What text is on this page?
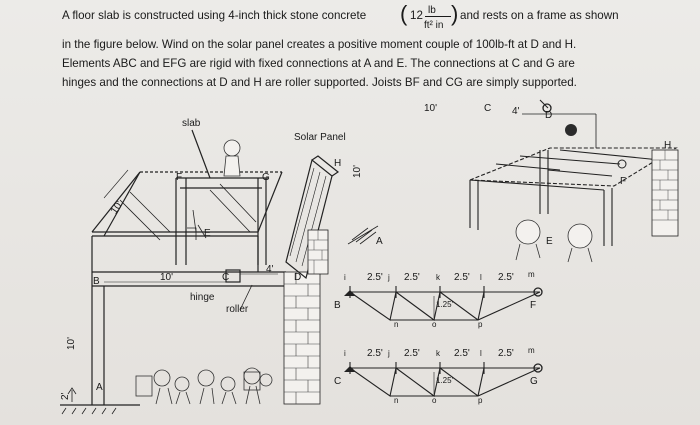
A floor slab is constructed using 4-inch thick stone concrete ( 12 lb
ft² in ) and rests on a frame as shown
in the figure below. Wind on the solar panel creates a positive moment couple of 100lb-ft at D and H.
Elements ABC and EFG are rigid with fixed connections at A and E. The connections at C and G are
hinges and the connections at D and H are roller supported. Joists BF and CG are simply supported.
slab
Solar Panel
F	G
E
B	C	D
H
A
A
hinge
roller
10'
4'
10'
10'
10'
2'
10'	C 4'	D
H
F
E
i 2.5' j 2.5' k 2.5' l 2.5' m
B	F
1.25'
n	o	p
i 2.5' j 2.5' k 2.5' l 2.5' m
C	G
1.25'
n	o	p
